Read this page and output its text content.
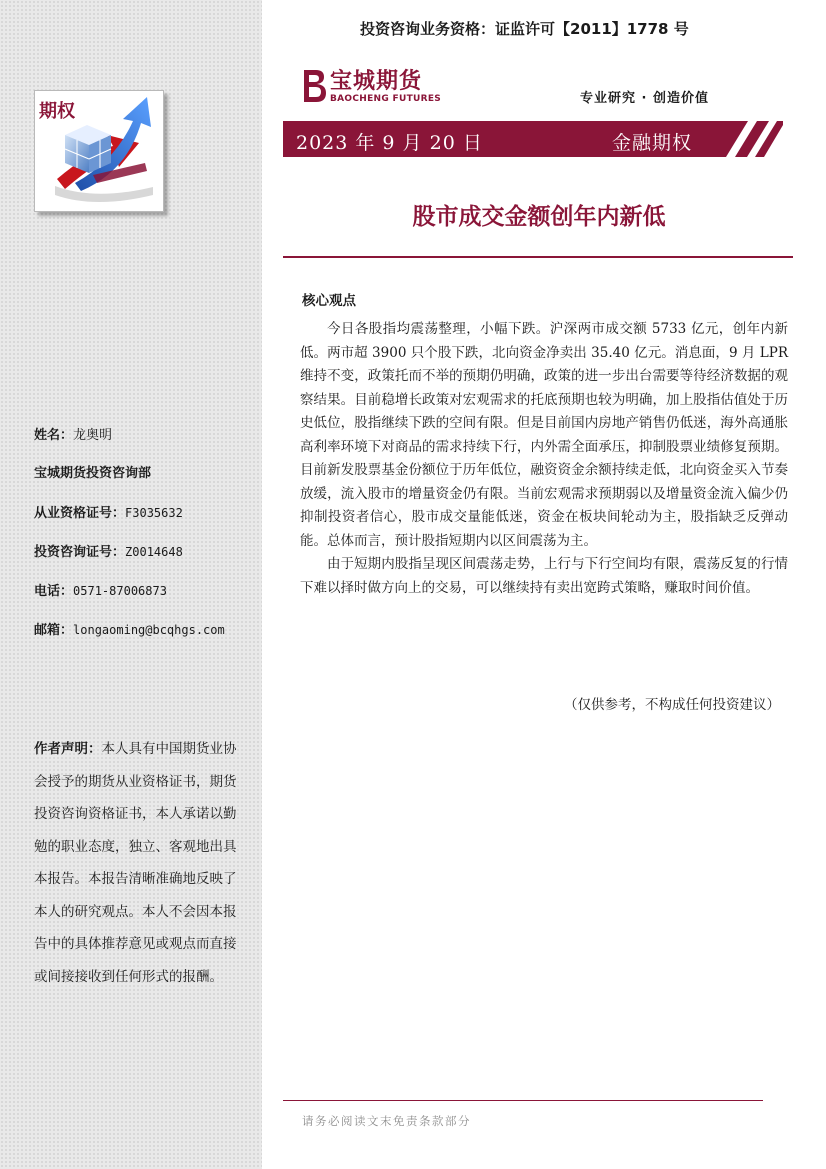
期权
姓名：龙奥明
宝城期货投资咨询部
从业资格证号：F3035632
投资咨询证号：Z0014648
电话：0571-87006873
邮箱：longaoming@bcqhgs.com
作者声明：本人具有中国期货业协会授予的期货从业资格证书，期货投资咨询资格证书，本人承诺以勤勉的职业态度，独立、客观地出具本报告。本报告清晰准确地反映了本人的研究观点。本人不会因本报告中的具体推荐意见或观点而直接或间接接收到任何形式的报酬。
投资咨询业务资格：证监许可【2011】1778 号
宝城期货
BAOCHENG FUTURES	专业研究 · 创造价值
2023 年 9 月 20 日	金融期权
股市成交金额创年内新低
核心观点

今日各股指均震荡整理，小幅下跌。沪深两市成交额 5733 亿元，创年内新低。两市超 3900 只个股下跌，北向资金净卖出 35.40 亿元。消息面，9 月 LPR 维持不变，政策托而不举的预期仍明确，政策的进一步出台需要等待经济数据的观察结果。目前稳增长政策对宏观需求的托底预期也较为明确，加上股指估值处于历史低位，股指继续下跌的空间有限。但是目前国内房地产销售仍低迷，海外高通胀高利率环境下对商品的需求持续下行，内外需全面承压，抑制股票业绩修复预期。目前新发股票基金份额位于历年低位，融资资金余额持续走低，北向资金买入节奏放缓，流入股市的增量资金仍有限。当前宏观需求预期弱以及增量资金流入偏少仍抑制投资者信心，股市成交量能低迷，资金在板块间轮动为主，股指缺乏反弹动能。总体而言，预计股指短期内以区间震荡为主。

由于短期内股指呈现区间震荡走势，上行与下行空间均有限，震荡反复的行情下难以择时做方向上的交易，可以继续持有卖出宽跨式策略，赚取时间价值。

（仅供参考，不构成任何投资建议）
请务必阅读文末免责条款部分
